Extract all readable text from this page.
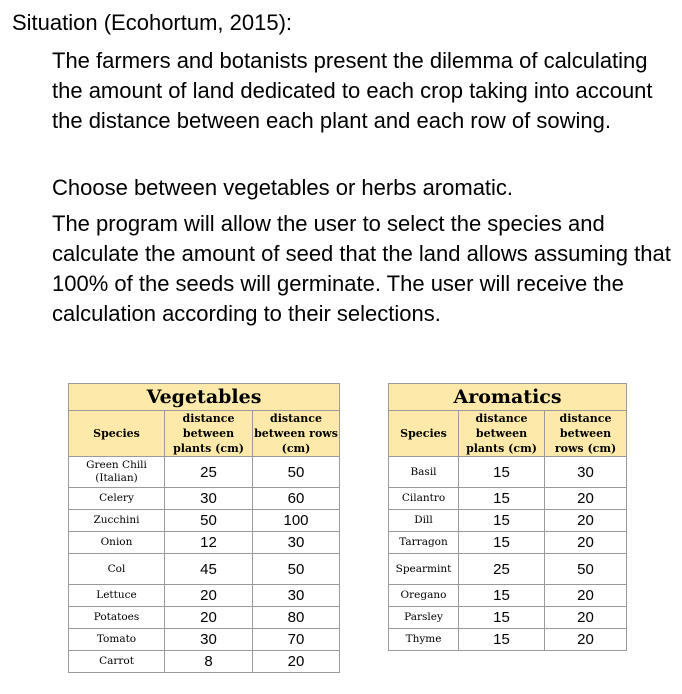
Situation (Ecohortum, 2015):
The farmers and botanists present the dilemma of calculating the amount of land dedicated to each crop taking into account the distance between each plant and each row of sowing.
Choose between vegetables or herbs aromatic.
The program will allow the user to select the species and calculate the amount of seed that the land allows assuming that 100% of the seeds will germinate. The user will receive the calculation according to their selections.
Vegetables		
Species	distance between plants (cm)	distance between rows (cm)
Green Chili (Italian)	25	50
Celery	30	60
Zucchini	50	100
Onion	12	30
Col	45	50
Lettuce	20	30
Potatoes	20	80
Tomato	30	70
Carrot	8	20
Aromatics		
Species	distance between plants (cm)	distance between rows (cm)
Basil	15	30
Cilantro	15	20
Dill	15	20
Tarragon	15	20
Spearmint	25	50
Oregano	15	20
Parsley	15	20
Thyme	15	20
